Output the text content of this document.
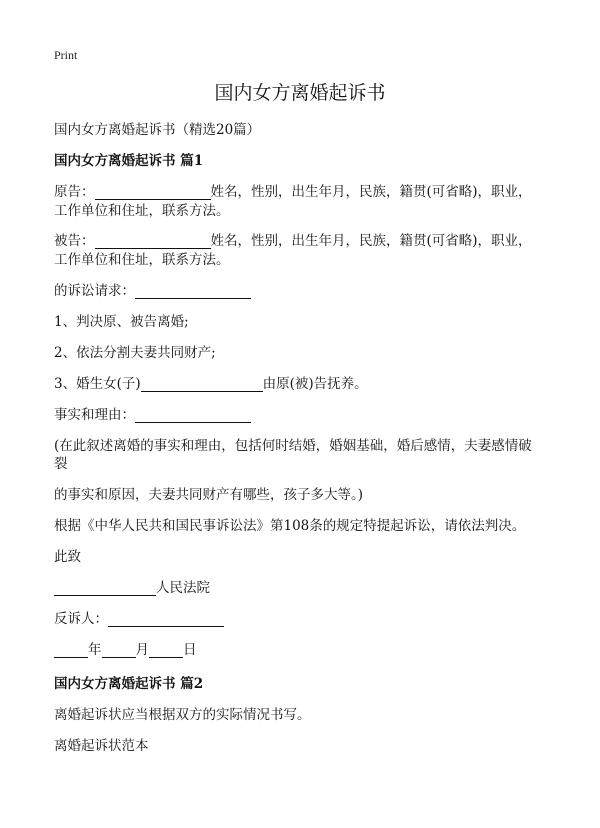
Print
国内女方离婚起诉书
国内女方离婚起诉书（精选20篇）
国内女方离婚起诉书 篇1
原告：	姓名，性别，出生年月，民族，籍贯(可省略)，职业，
工作单位和住址，联系方法。
被告：	姓名，性别，出生年月，民族，籍贯(可省略)，职业，
工作单位和住址，联系方法。
的诉讼请求：
1、判决原、被告离婚;
2、依法分割夫妻共同财产;
3、婚生女(子)	由原(被)告抚养。
事实和理由：
(在此叙述离婚的事实和理由，包括何时结婚，婚姻基础，婚后感情，夫妻感情破
裂
的事实和原因，夫妻共同财产有哪些，孩子多大等。)
根据《中华人民共和国民事诉讼法》第108条的规定特提起诉讼，请依法判决。
此致
人民法院
反诉人：
年	月	日
国内女方离婚起诉书 篇2
离婚起诉状应当根据双方的实际情况书写。
离婚起诉状范本
